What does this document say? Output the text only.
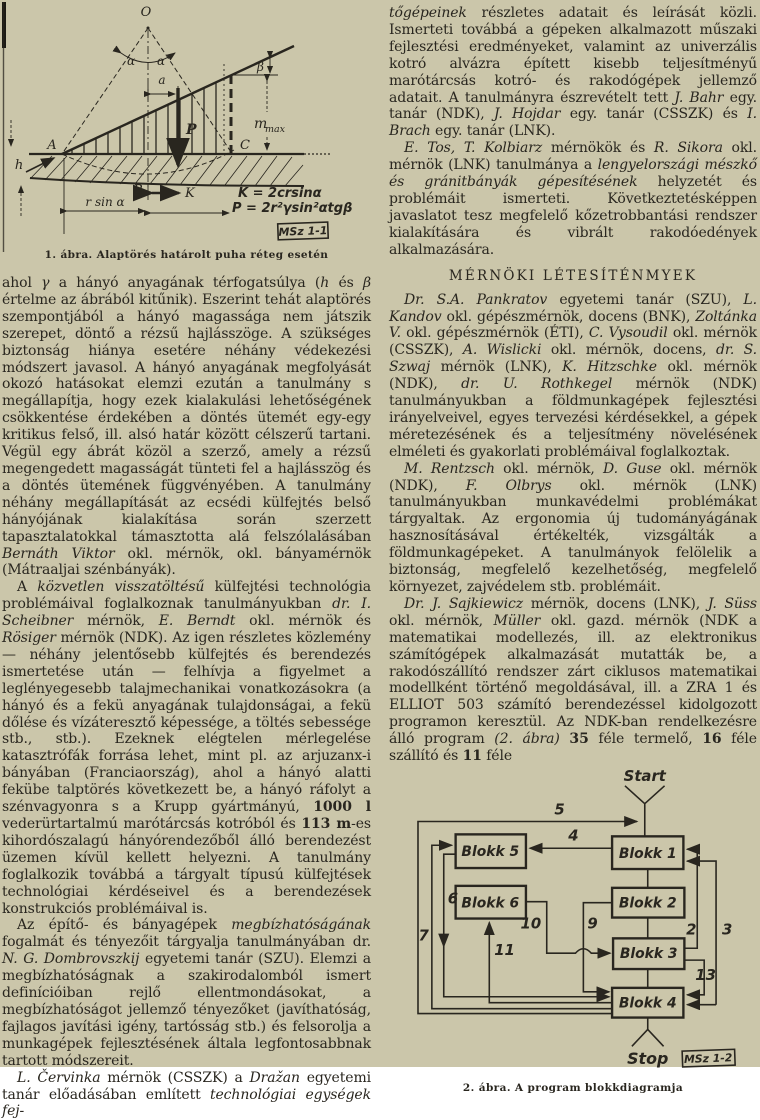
O
α α
a
P
β
m
max
A	C
h
B	K
r sin α
K = 2crsinα
P = 2r²γsin²αtgβ
MSz 1-1
1. ábra. Alaptörés határolt puha réteg esetén

ahol γ a hányó anyagának térfogatsúlya (h és β értelme az ábrából kitűnik). Eszerint tehát alaptörés szempontjából a hányó magassága nem játszik szerepet, döntő a rézsű hajlásszöge. A szükséges biztonság hiánya esetére néhány védekezési módszert javasol. A hányó anyagának megfolyását okozó hatásokat elemzi ezután a tanulmány s megállapítja, hogy ezek kialakulási lehetőségének csökkentése érdekében a döntés ütemét egy-egy kritikus felső, ill. alsó határ között célszerű tartani. Végül egy ábrát közöl a szerző, amely a rézsű megengedett magasságát tünteti fel a hajlásszög és a döntés ütemének függvényében. A tanulmány néhány megállapítását az ecsédi külfejtés belső hányójának kialakítása során szerzett tapasztalatokkal támasztotta alá felszólalásában Bernáth Viktor okl. mérnök, okl. bányamérnök (Mátraaljai szénbányák).

A közvetlen visszatöltésű külfejtési technológia problémáival foglalkoznak tanulmányukban dr. I. Scheibner mérnök, E. Berndt okl. mérnök és Rösiger mérnök (NDK). Az igen részletes közlemény — néhány jelentősebb külfejtés és berendezés ismertetése után — felhívja a figyelmet a leglényegesebb talajmechanikai vonatkozásokra (a hányó és a fekü anyagának tulajdonságai, a fekü dőlése és vízáteresztő képessége, a töltés sebessége stb., stb.). Ezeknek elégtelen mérlegelése katasztrófák forrása lehet, mint pl. az arjuzanx-i bányában (Franciaország), ahol a hányó alatti fekübe talptörés következett be, a hányó ráfolyt a szénvagyonra s a Krupp gyártmányú, 1000 l vederürtartalmú marótárcsás kotróból és 113 m-es kihordószalagú hányórendezőből álló berendezést üzemen kívül kellett helyezni. A tanulmány foglalkozik továbbá a tárgyalt típusú külfejtések technológiai kérdéseivel és a berendezések konstrukciós problémáival is.

Az építő- és bányagépek megbízhatóságának fogalmát és tényezőit tárgyalja tanulmányában dr. N. G. Dombrovszkij egyetemi tanár (SZU). Elemzi a megbízhatóságnak a szakirodalomból ismert definícióiban rejlő ellentmondásokat, a megbízhatóságot jellemző tényezőket (javíthatóság, fajlagos javítási igény, tartósság stb.) és felsorolja a munkagépek fejlesztésének általa legfontosabbnak tartott módszereit.

L. Červinka mérnök (CSSZK) a Dražan egyetemi tanár előadásában említett technológiai egységek fej-

tőgépeinek részletes adatait és leírását közli. Ismerteti továbbá a gépeken alkalmazott műszaki fejlesztési eredményeket, valamint az univerzális kotró alvázra épített kisebb teljesítményű marótárcsás kotró- és rakodógépek jellemző adatait. A tanulmányra észrevételt tett J. Bahr egy. tanár (NDK), J. Hojdar egy. tanár (CSSZK) és I. Brach egy. tanár (LNK).

E. Tos, T. Kolbiarz mérnökök és R. Sikora okl. mérnök (LNK) tanulmánya a lengyelországi mészkő és gránitbányák gépesítésének helyzetét és problémáit ismerteti. Következtetésképpen javaslatot tesz megfelelő kőzetrobbantási rendszer kialakítására és vibrált rakodóedények alkalmazására.

MÉRNÖKI LÉTESÍTÉNMYEK

Dr. S.A. Pankratov egyetemi tanár (SZU), L. Kandov okl. gépészmérnök, docens (BNK), Zoltánka V. okl. gépészmérnök (ÉTI), C. Vysoudil okl. mérnök (CSSZK), A. Wislicki okl. mérnök, docens, dr. S. Szwaj mérnök (LNK), K. Hitzschke okl. mérnök (NDK), dr. U. Rothkegel mérnök (NDK) tanulmányukban a földmunkagépek fejlesztési irányelveivel, egyes tervezési kérdésekkel, a gépek méretezésének és a teljesítmény növelésének elméleti és gyakorlati problémáival foglalkoztak.

M. Rentzsch okl. mérnök, D. Guse okl. mérnök (NDK), F. Olbrys okl. mérnök (LNK) tanulmányukban munkavédelmi problémákat tárgyaltak. Az ergonomia új tudományágának hasznosításával értékelték, vizsgálták a földmunkagépeket. A tanulmányok felölelik a biztonság, megfelelő kezelhetőség, megfelelő környezet, zajvédelem stb. problémáit.

Dr. J. Sajkiewicz mérnök, docens (LNK), J. Süss okl. mérnök, Müller okl. gazd. mérnök (NDK a matematikai modellezés, ill. az elektronikus számítógépek alkalmazását mutatták be, a rakodószállító rendszer zárt ciklusos matematikai modellként történő megoldásával, ill. a ZRA 1 és ELLIOT 503 számító berendezéssel kidolgozott programon keresztül. Az NDK-ban rendelkezésre álló program (2. ábra) 35 féle termelő, 16 féle szállító és 11 féle

Start
5
7
6
11
9
10
4
2
13
3
Blokk 1
Blokk 2
Blokk 3
Blokk 4
Blokk 5
Blokk 6
Stop MSz 1-2
2. ábra. A program blokkdiagramja
